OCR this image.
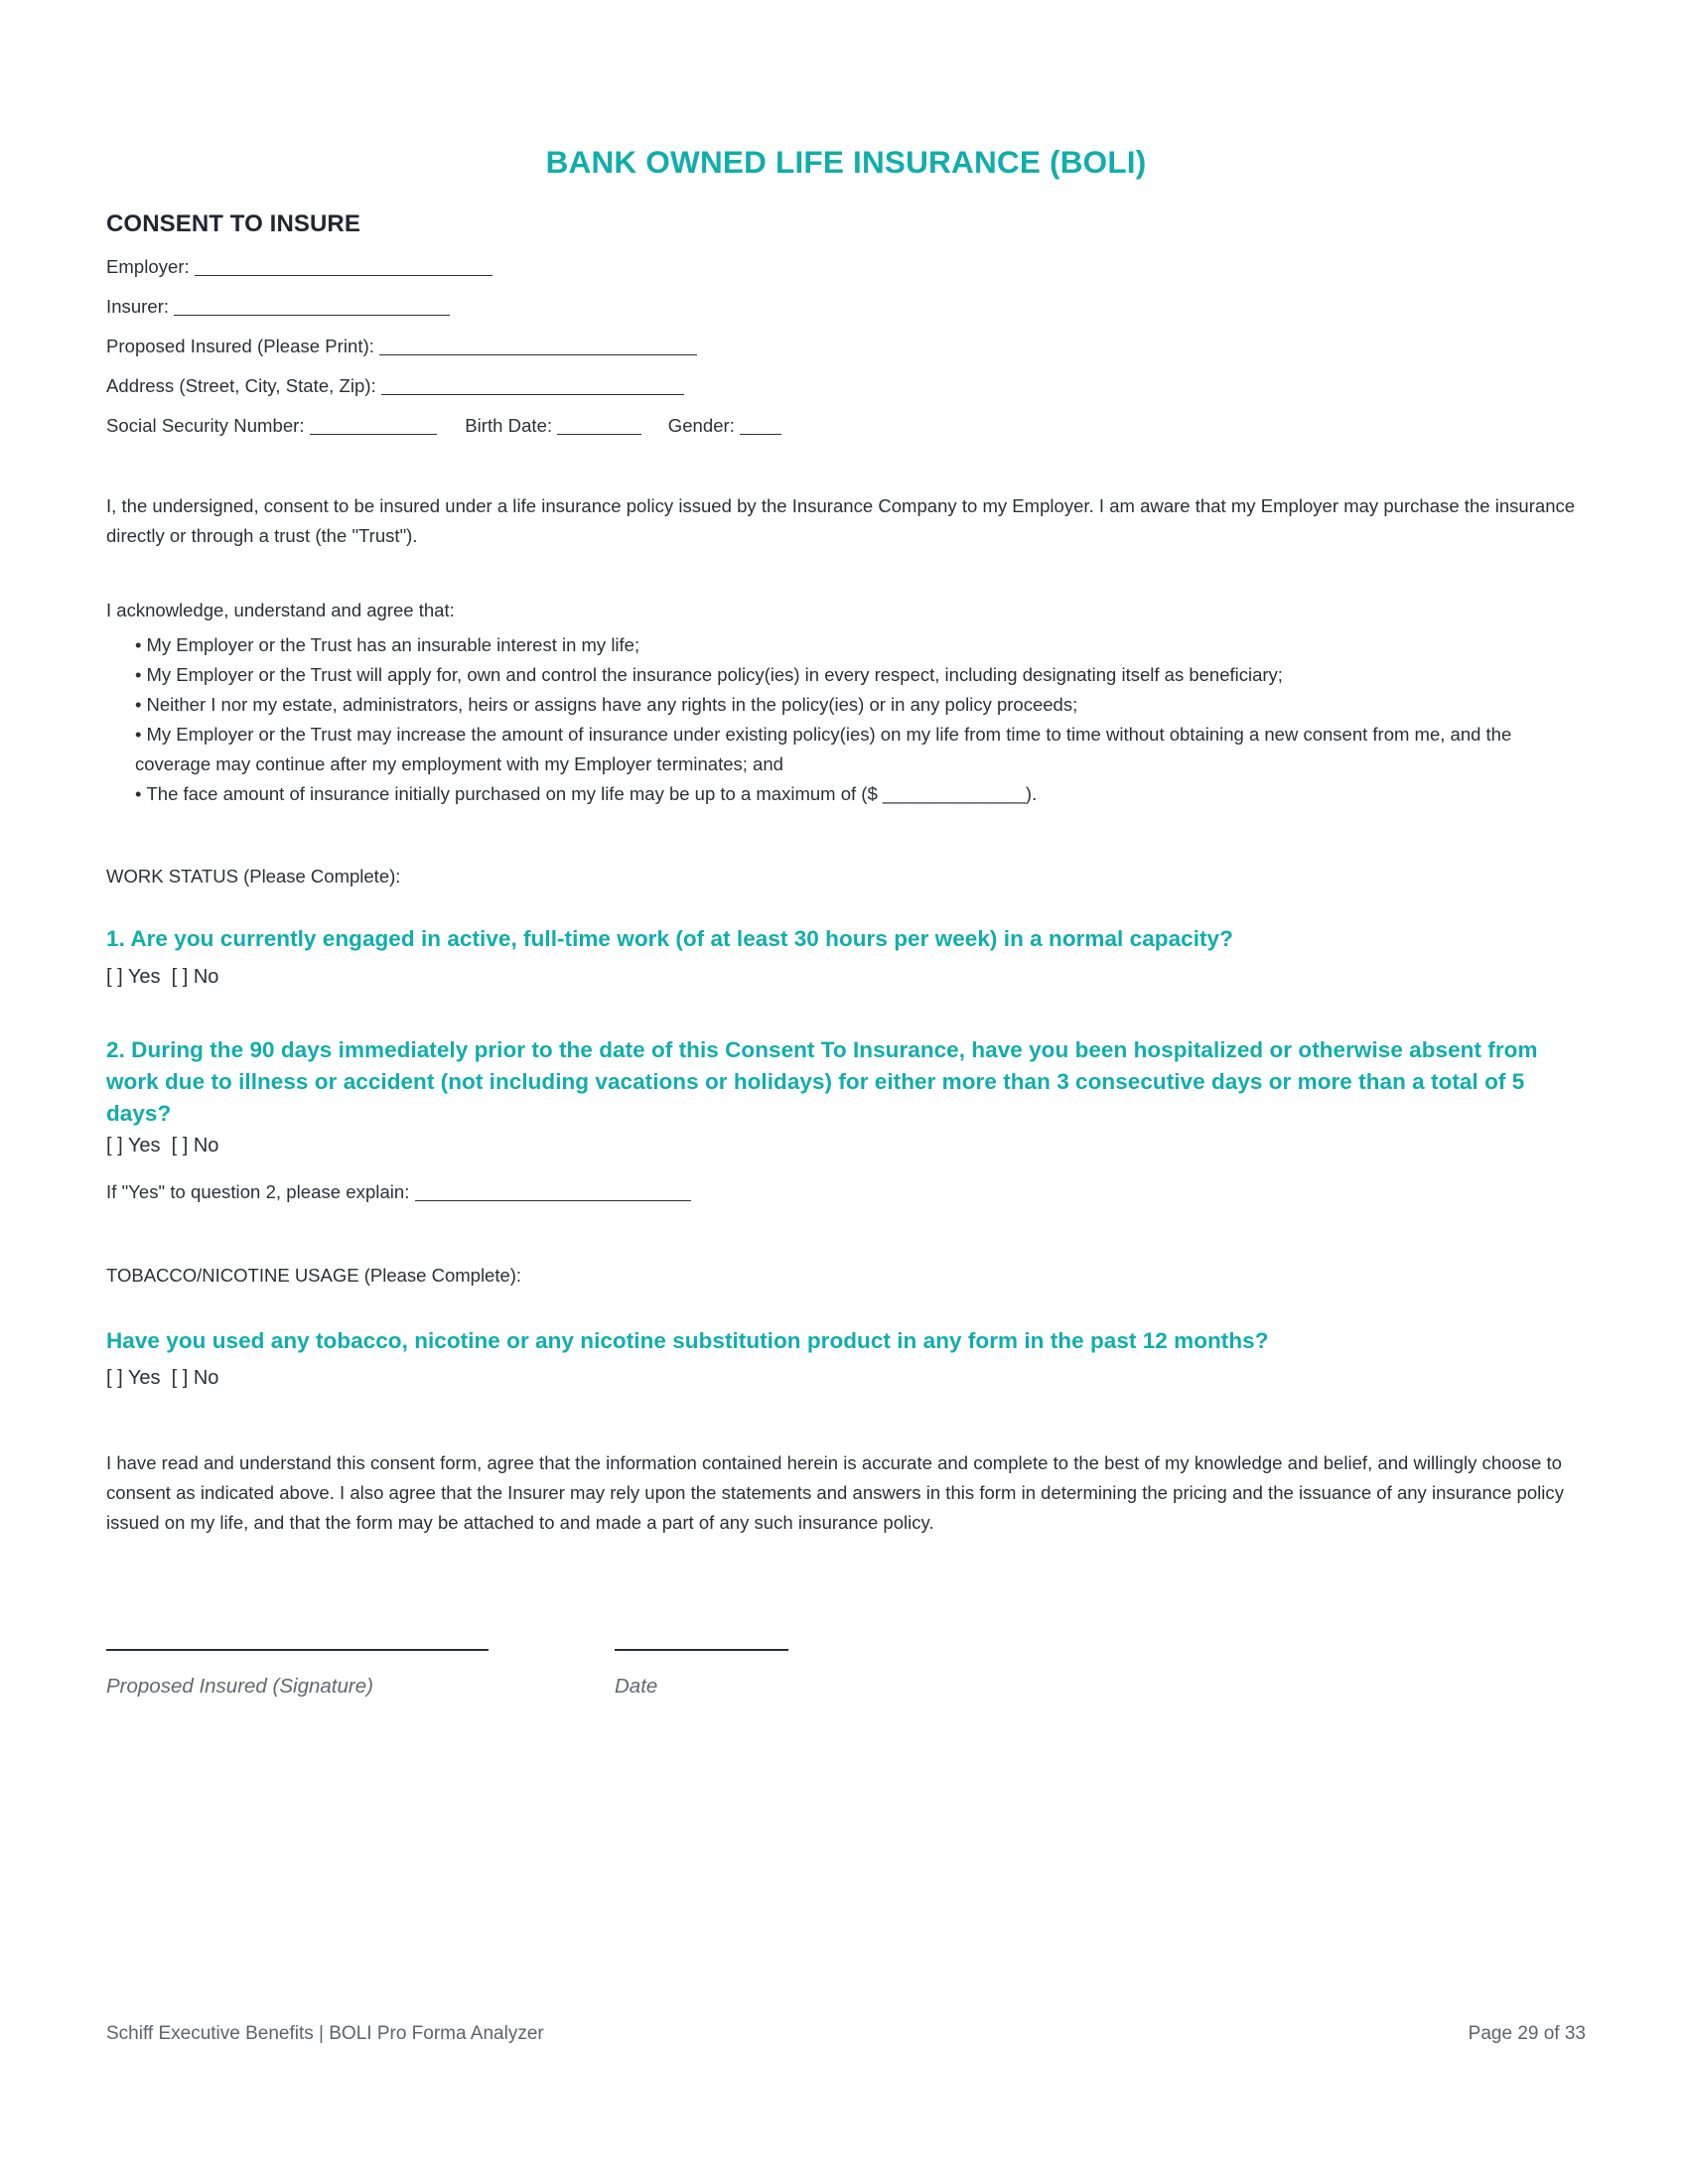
BANK OWNED LIFE INSURANCE (BOLI)
CONSENT TO INSURE
Employer:
Insurer:
Proposed Insured (Please Print):
Address (Street, City, State, Zip):
Social Security Number:	Birth Date:	Gender:
I, the undersigned, consent to be insured under a life insurance policy issued by the Insurance Company to my Employer. I am aware that my Employer may purchase the insurance directly or through a trust (the "Trust").
I acknowledge, understand and agree that:
• My Employer or the Trust has an insurable interest in my life;
• My Employer or the Trust will apply for, own and control the insurance policy(ies) in every respect, including designating itself as beneficiary;
• Neither I nor my estate, administrators, heirs or assigns have any rights in the policy(ies) or in any policy proceeds;
• My Employer or the Trust may increase the amount of insurance under existing policy(ies) on my life from time to time without obtaining a new consent from me, and the coverage may continue after my employment with my Employer terminates; and
• The face amount of insurance initially purchased on my life may be up to a maximum of ($ ______________).
WORK STATUS (Please Complete):
1. Are you currently engaged in active, full-time work (of at least 30 hours per week) in a normal capacity?
[ ] Yes  [ ] No
2. During the 90 days immediately prior to the date of this Consent To Insurance, have you been hospitalized or otherwise absent from work due to illness or accident (not including vacations or holidays) for either more than 3 consecutive days or more than a total of 5 days?
[ ] Yes  [ ] No
If "Yes" to question 2, please explain:
TOBACCO/NICOTINE USAGE (Please Complete):
Have you used any tobacco, nicotine or any nicotine substitution product in any form in the past 12 months?
[ ] Yes  [ ] No
I have read and understand this consent form, agree that the information contained herein is accurate and complete to the best of my knowledge and belief, and willingly choose to consent as indicated above. I also agree that the Insurer may rely upon the statements and answers in this form in determining the pricing and the issuance of any insurance policy issued on my life, and that the form may be attached to and made a part of any such insurance policy.
Proposed Insured (Signature)	Date
Schiff Executive Benefits | BOLI Pro Forma Analyzer	Page 29 of 33
